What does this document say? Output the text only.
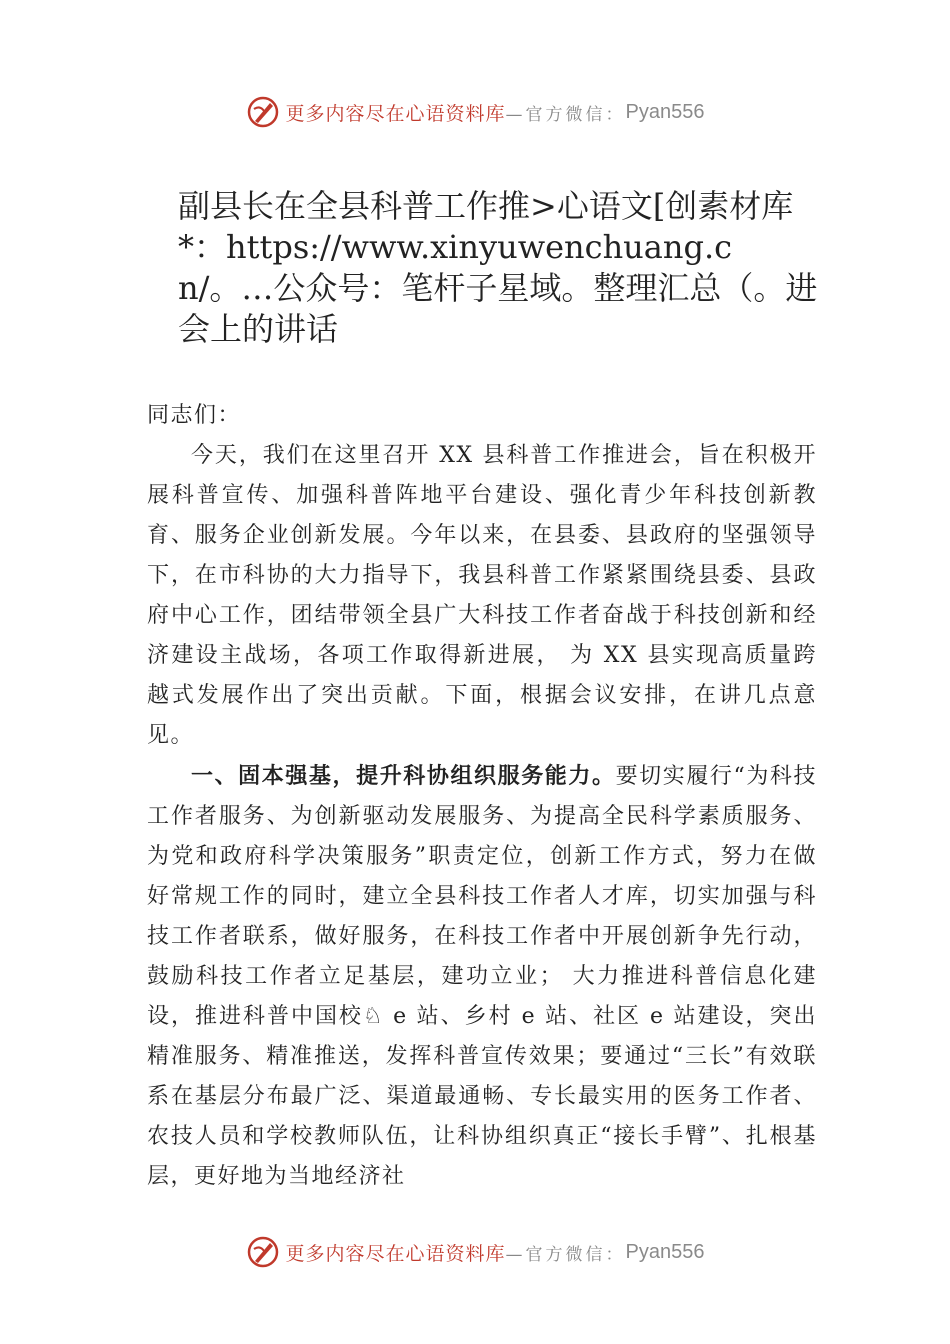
更多内容尽在心语资料库 —官方微信： Pyan556
副县长在全县科普工作推>心语文[创素材库*：https://www.xinyuwenchuang.cn/。…公众号：笔杆子星域。整理汇总（。进会上的讲话

同志们：

今天，我们在这里召开 XX 县科普工作推进会，旨在积极开展科普宣传、加强科普阵地平台建设、强化青少年科技创新教育、服务企业创新发展。今年以来，在县委、县政府的坚强领导下，在市科协的大力指导下，我县科普工作紧紧围绕县委、县政府中心工作，团结带领全县广大科技工作者奋战于科技创新和经济建设主战场，各项工作取得新进展， 为 XX 县实现高质量跨越式发展作出了突出贡献。下面，根据会议安排，在讲几点意见。

一、固本强基，提升科协组织服务能力。要切实履行“为科技工作者服务、为创新驱动发展服务、为提高全民科学素质服务、为党和政府科学决策服务”职责定位，创新工作方式，努力在做好常规工作的同时，建立全县科技工作者人才库，切实加强与科技工作者联系，做好服务，在科技工作者中开展创新争先行动，鼓励科技工作者立足基层，建功立业； 大力推进科普信息化建设，推进科普中国校♘ e 站、乡村 e 站、社区 e 站建设，突出精准服务、精准推送，发挥科普宣传效果；要通过“三长”有效联系在基层分布最广泛、渠道最通畅、专长最实用的医务工作者、农技人员和学校教师队伍，让科协组织真正“接长手臂”、扎根基层，更好地为当地经济社

更多内容尽在心语资料库 —官方微信： Pyan556
